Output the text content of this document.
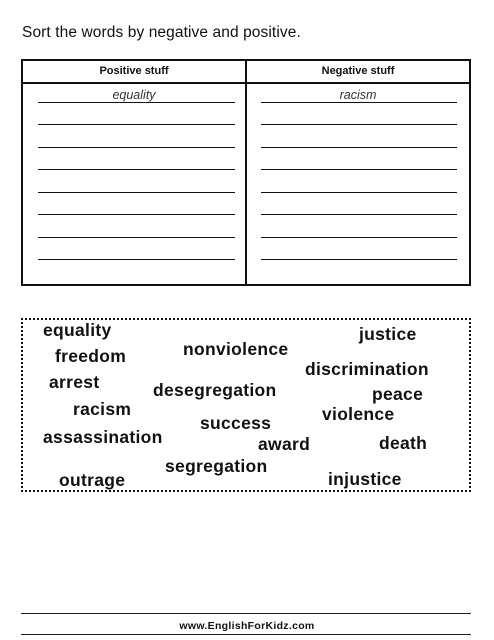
Sort the words by negative and positive.
Positive stuff
equality
Negative stuff
racism
equality	justice
freedom	nonviolence
discrimination
arrest	desegregation	peace
racism	violence
success
assassination	award	death
segregation
outrage	injustice
www.EnglishForKidz.com
